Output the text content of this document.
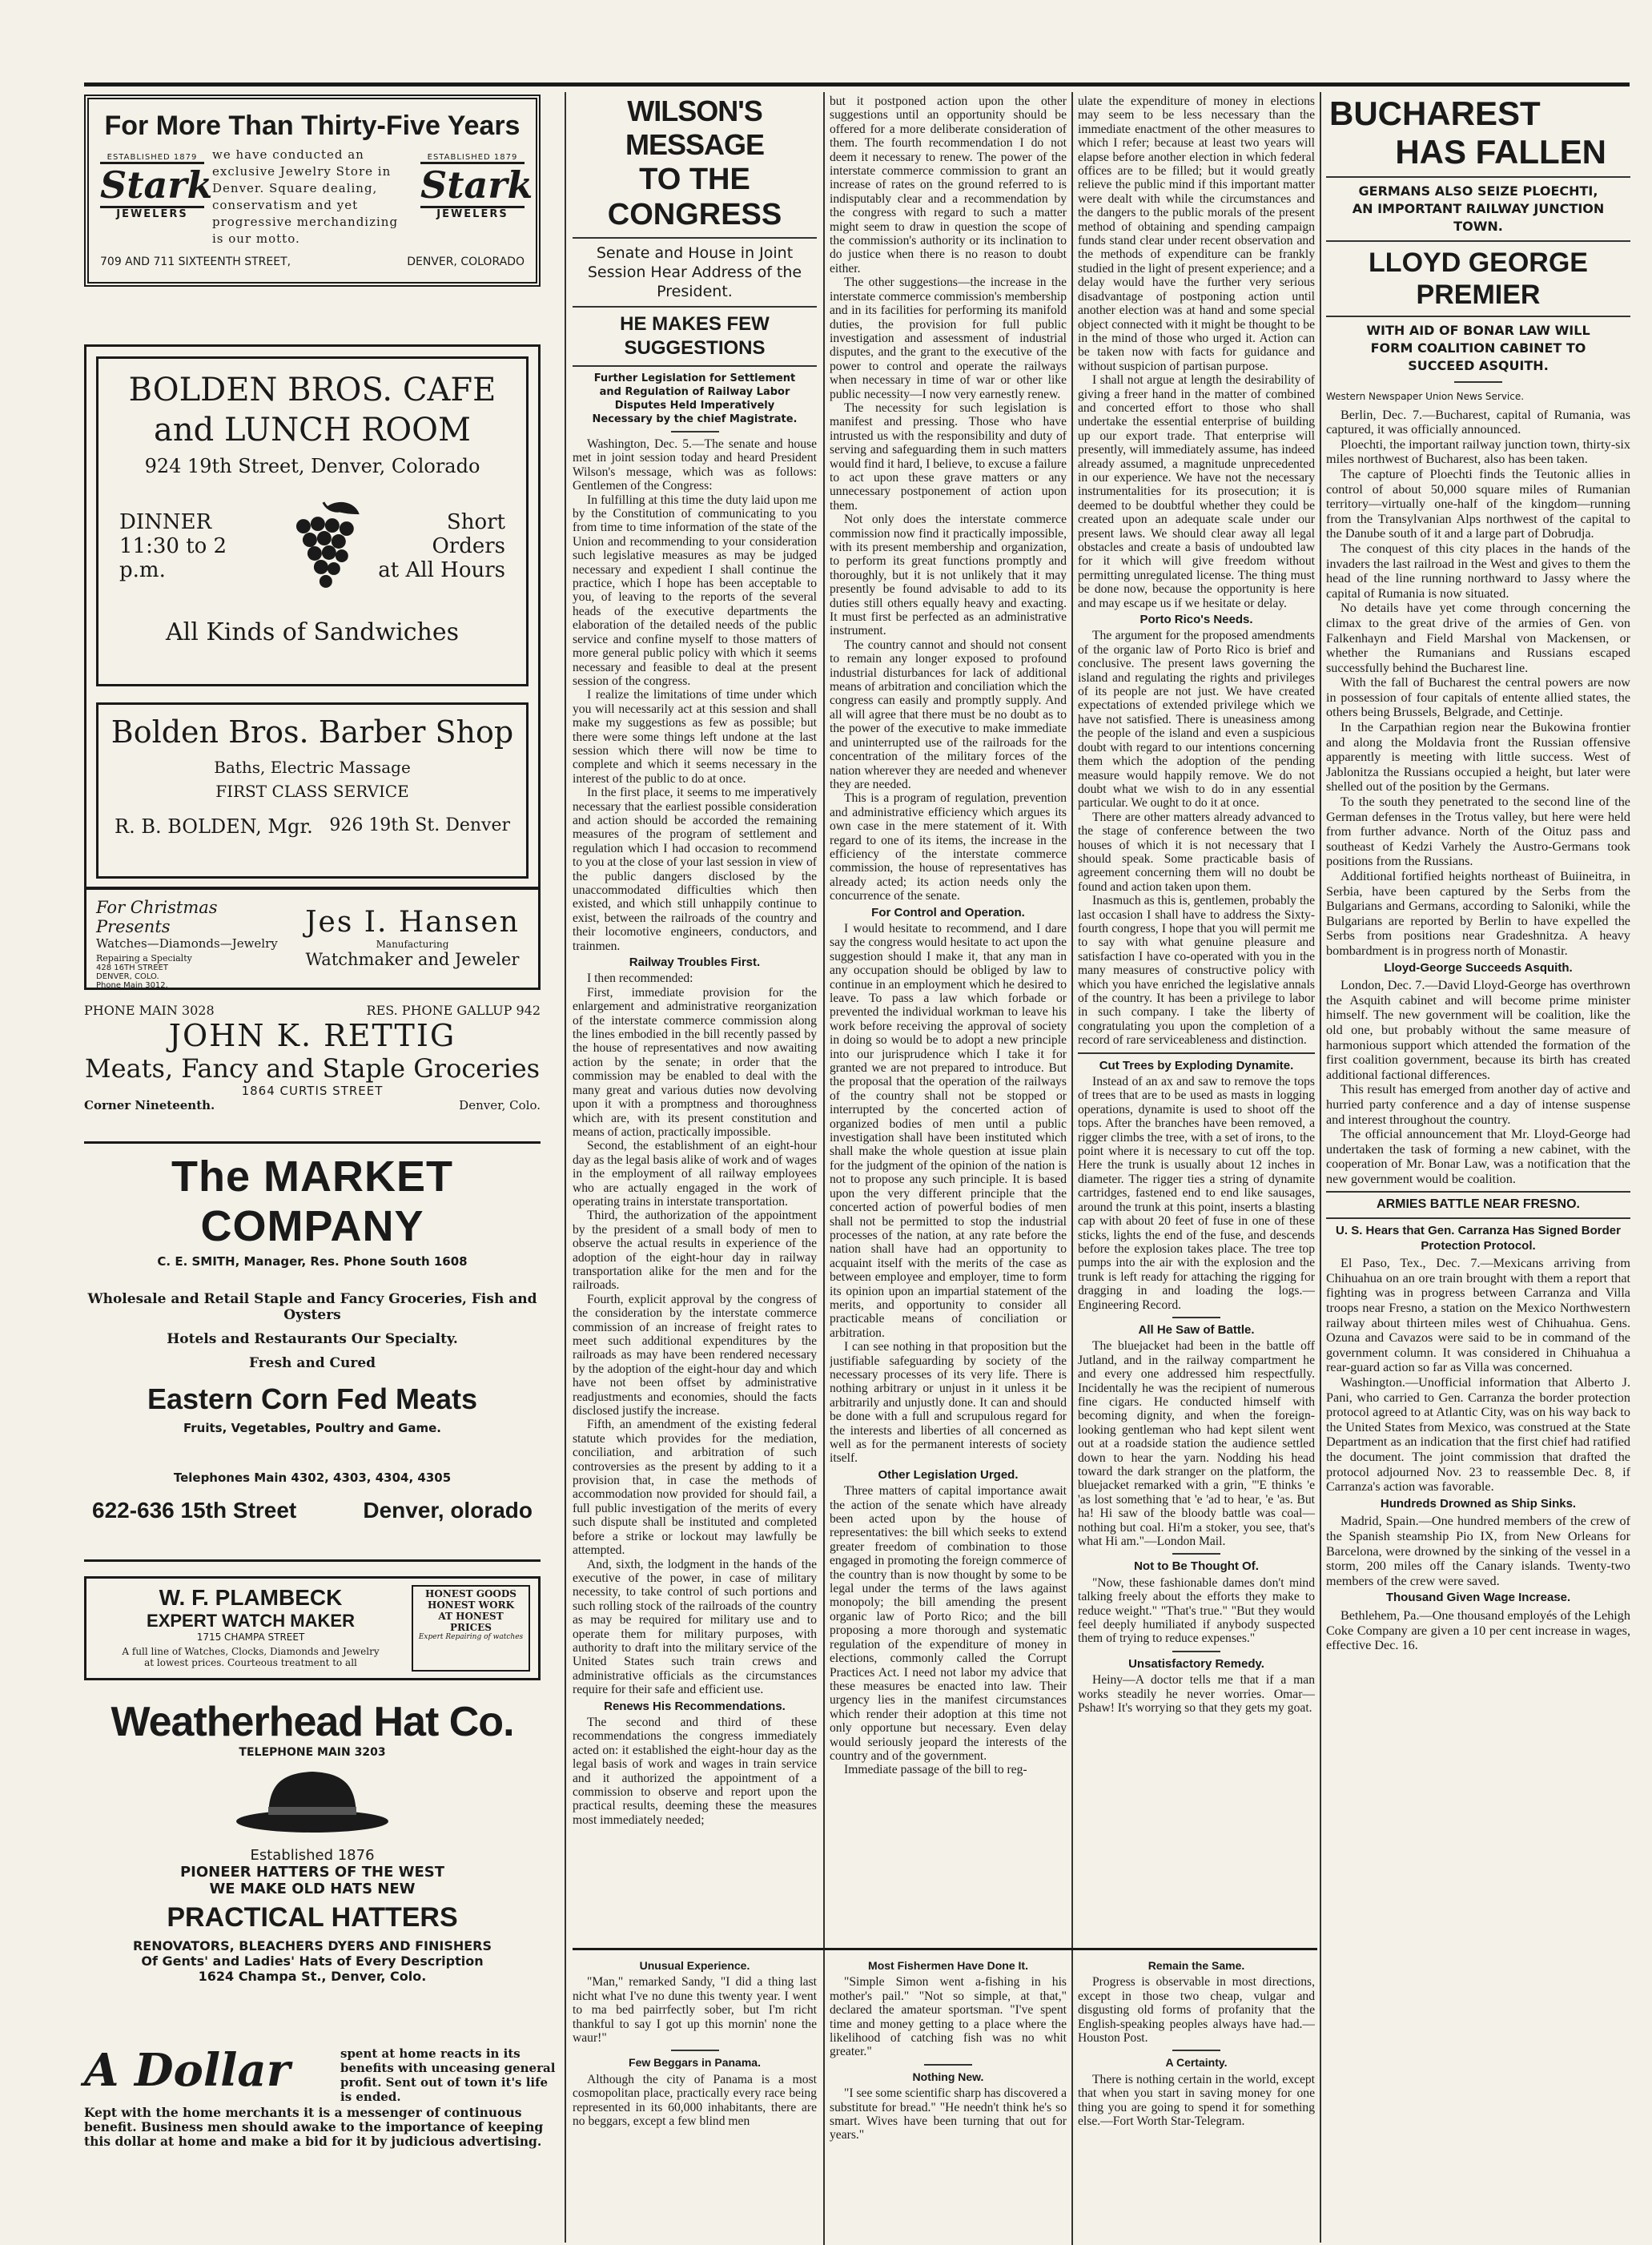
For More Than Thirty-Five Years
ESTABLISHED 1879
Stark
JEWELERS
we have conducted an exclusive Jewelry Store in Denver. Square dealing, conservatism and yet progressive merchandizing is our motto.
ESTABLISHED 1879
Stark
JEWELERS
709 AND 711 SIXTEENTH STREET,	DENVER, COLORADO
BOLDEN BROS. CAFE
and LUNCH ROOM
924 19th Street, Denver, Colorado
DINNER
11:30 to 2 p.m.
Short Orders
at All Hours
All Kinds of Sandwiches
Bolden Bros. Barber Shop
Baths, Electric Massage
FIRST CLASS SERVICE
R. B. BOLDEN, Mgr. 926 19th St. Denver
For Christmas Presents
Watches—Diamonds—Jewelry
Repairing a Specialty
428 16TH STREET
DENVER, COLO.
Phone Main 3012.
Jes I. Hansen
Manufacturing
Watchmaker and Jeweler
PHONE MAIN 3028	RES. PHONE GALLUP 942
JOHN K. RETTIG
Meats, Fancy and Staple Groceries
1864 CURTIS STREET
Corner Nineteenth.	Denver, Colo.
The MARKET COMPANY
C. E. SMITH, Manager, Res. Phone South 1608
Wholesale and Retail Staple and Fancy Groceries, Fish and Oysters
Hotels and Restaurants Our Specialty.
Fresh and Cured
Eastern Corn Fed Meats
Fruits, Vegetables, Poultry and Game.
Telephones Main 4302, 4303, 4304, 4305
622-636 15th Street	Denver, olorado
W. F. PLAMBECK
EXPERT WATCH MAKER
1715 CHAMPA STREET
A full line of Watches, Clocks, Diamonds and Jewelry
at lowest prices. Courteous treatment to all
HONEST GOODS
HONEST WORK
AT HONEST
PRICES
Expert Repairing of watches
Weatherhead Hat Co.
TELEPHONE MAIN 3203
Established 1876
PIONEER HATTERS OF THE WEST
WE MAKE OLD HATS NEW
PRACTICAL HATTERS
RENOVATORS, BLEACHERS DYERS AND FINISHERS
Of Gents' and Ladies' Hats of Every Description
1624 Champa St., Denver, Colo.
A Dollar	spent at home reacts in its benefits with unceasing general profit. Sent out of town it's life is ended.
Kept with the home merchants it is a messenger of continuous benefit. Business men should awake to the importance of keeping this dollar at home and make a bid for it by judicious advertising.
WILSON'S MESSAGE
TO THE CONGRESS
Senate and House in Joint Session Hear Address of the President.
HE MAKES FEW SUGGESTIONS
Further Legislation for Settlement and Regulation of Railway Labor Disputes Held Imperatively Necessary by the chief Magistrate.

Washington, Dec. 5.—The senate and house met in joint session today and heard President Wilson's message, which was as follows: Gentlemen of the Congress:

In fulfilling at this time the duty laid upon me by the Constitution of communicating to you from time to time information of the state of the Union and recommending to your consideration such legislative measures as may be judged necessary and expedient I shall continue the practice, which I hope has been acceptable to you, of leaving to the reports of the several heads of the executive departments the elaboration of the detailed needs of the public service and confine myself to those matters of more general public policy with which it seems necessary and feasible to deal at the present session of the congress.

I realize the limitations of time under which you will necessarily act at this session and shall make my suggestions as few as possible; but there were some things left undone at the last session which there will now be time to complete and which it seems necessary in the interest of the public to do at once.

In the first place, it seems to me imperatively necessary that the earliest possible consideration and action should be accorded the remaining measures of the program of settlement and regulation which I had occasion to recommend to you at the close of your last session in view of the public dangers disclosed by the unaccommodated difficulties which then existed, and which still unhappily continue to exist, between the railroads of the country and their locomotive engineers, conductors, and trainmen.

Railway Troubles First.

I then recommended:

First, immediate provision for the enlargement and administrative reorganization of the interstate commerce commission along the lines embodied in the bill recently passed by the house of representatives and now awaiting action by the senate; in order that the commission may be enabled to deal with the many great and various duties now devolving upon it with a promptness and thoroughness which are, with its present constitution and means of action, practically impossible.

Second, the establishment of an eight-hour day as the legal basis alike of work and of wages in the employment of all railway employees who are actually engaged in the work of operating trains in interstate transportation.

Third, the authorization of the appointment by the president of a small body of men to observe the actual results in experience of the adoption of the eight-hour day in railway transportation alike for the men and for the railroads.

Fourth, explicit approval by the congress of the consideration by the interstate commerce commission of an increase of freight rates to meet such additional expenditures by the railroads as may have been rendered necessary by the adoption of the eight-hour day and which have not been offset by administrative readjustments and economies, should the facts disclosed justify the increase.

Fifth, an amendment of the existing federal statute which provides for the mediation, conciliation, and arbitration of such controversies as the present by adding to it a provision that, in case the methods of accommodation now provided for should fail, a full public investigation of the merits of every such dispute shall be instituted and completed before a strike or lockout may lawfully be attempted.

And, sixth, the lodgment in the hands of the executive of the power, in case of military necessity, to take control of such portions and such rolling stock of the railroads of the country as may be required for military use and to operate them for military purposes, with authority to draft into the military service of the United States such train crews and administrative officials as the circumstances require for their safe and efficient use.

Renews His Recommendations.

The second and third of these recommendations the congress immediately acted on: it established the eight-hour day as the legal basis of work and wages in train service and it authorized the appointment of a commission to observe and report upon the practical results, deeming these the measures most immediately needed;

but it postponed action upon the other suggestions until an opportunity should be offered for a more deliberate consideration of them. The fourth recommendation I do not deem it necessary to renew. The power of the interstate commerce commission to grant an increase of rates on the ground referred to is indisputably clear and a recommendation by the congress with regard to such a matter might seem to draw in question the scope of the commission's authority or its inclination to do justice when there is no reason to doubt either.

The other suggestions—the increase in the interstate commerce commission's membership and in its facilities for performing its manifold duties, the provision for full public investigation and assessment of industrial disputes, and the grant to the executive of the power to control and operate the railways when necessary in time of war or other like public necessity—I now very earnestly renew.

The necessity for such legislation is manifest and pressing. Those who have intrusted us with the responsibility and duty of serving and safeguarding them in such matters would find it hard, I believe, to excuse a failure to act upon these grave matters or any unnecessary postponement of action upon them.

Not only does the interstate commerce commission now find it practically impossible, with its present membership and organization, to perform its great functions promptly and thoroughly, but it is not unlikely that it may presently be found advisable to add to its duties still others equally heavy and exacting. It must first be perfected as an administrative instrument.

The country cannot and should not consent to remain any longer exposed to profound industrial disturbances for lack of additional means of arbitration and conciliation which the congress can easily and promptly supply. And all will agree that there must be no doubt as to the power of the executive to make immediate and uninterrupted use of the railroads for the concentration of the military forces of the nation wherever they are needed and whenever they are needed.

This is a program of regulation, prevention and administrative efficiency which argues its own case in the mere statement of it. With regard to one of its items, the increase in the efficiency of the interstate commerce commission, the house of representatives has already acted; its action needs only the concurrence of the senate.

For Control and Operation.

I would hesitate to recommend, and I dare say the congress would hesitate to act upon the suggestion should I make it, that any man in any occupation should be obliged by law to continue in an employment which he desired to leave. To pass a law which forbade or prevented the individual workman to leave his work before receiving the approval of society in doing so would be to adopt a new principle into our jurisprudence which I take it for granted we are not prepared to introduce. But the proposal that the operation of the railways of the country shall not be stopped or interrupted by the concerted action of organized bodies of men until a public investigation shall have been instituted which shall make the whole question at issue plain for the judgment of the opinion of the nation is not to propose any such principle. It is based upon the very different principle that the concerted action of powerful bodies of men shall not be permitted to stop the industrial processes of the nation, at any rate before the nation shall have had an opportunity to acquaint itself with the merits of the case as between employee and employer, time to form its opinion upon an impartial statement of the merits, and opportunity to consider all practicable means of conciliation or arbitration.

I can see nothing in that proposition but the justifiable safeguarding by society of the necessary processes of its very life. There is nothing arbitrary or unjust in it unless it be arbitrarily and unjustly done. It can and should be done with a full and scrupulous regard for the interests and liberties of all concerned as well as for the permanent interests of society itself.

Other Legislation Urged.

Three matters of capital importance await the action of the senate which have already been acted upon by the house of representatives: the bill which seeks to extend greater freedom of combination to those engaged in promoting the foreign commerce of the country than is now thought by some to be legal under the terms of the laws against monopoly; the bill amending the present organic law of Porto Rico; and the bill proposing a more thorough and systematic regulation of the expenditure of money in elections, commonly called the Corrupt Practices Act. I need not labor my advice that these measures be enacted into law. Their urgency lies in the manifest circumstances which render their adoption at this time not only opportune but necessary. Even delay would seriously jeopard the interests of the country and of the government.

Immediate passage of the bill to reg-

ulate the expenditure of money in elections may seem to be less necessary than the immediate enactment of the other measures to which I refer; because at least two years will elapse before another election in which federal offices are to be filled; but it would greatly relieve the public mind if this important matter were dealt with while the circumstances and the dangers to the public morals of the present method of obtaining and spending campaign funds stand clear under recent observation and the methods of expenditure can be frankly studied in the light of present experience; and a delay would have the further very serious disadvantage of postponing action until another election was at hand and some special object connected with it might be thought to be in the mind of those who urged it. Action can be taken now with facts for guidance and without suspicion of partisan purpose.

I shall not argue at length the desirability of giving a freer hand in the matter of combined and concerted effort to those who shall undertake the essential enterprise of building up our export trade. That enterprise will presently, will immediately assume, has indeed already assumed, a magnitude unprecedented in our experience. We have not the necessary instrumentalities for its prosecution; it is deemed to be doubtful whether they could be created upon an adequate scale under our present laws. We should clear away all legal obstacles and create a basis of undoubted law for it which will give freedom without permitting unregulated license. The thing must be done now, because the opportunity is here and may escape us if we hesitate or delay.

Porto Rico's Needs.

The argument for the proposed amendments of the organic law of Porto Rico is brief and conclusive. The present laws governing the island and regulating the rights and privileges of its people are not just. We have created expectations of extended privilege which we have not satisfied. There is uneasiness among the people of the island and even a suspicious doubt with regard to our intentions concerning them which the adoption of the pending measure would happily remove. We do not doubt what we wish to do in any essential particular. We ought to do it at once.

There are other matters already advanced to the stage of conference between the two houses of which it is not necessary that I should speak. Some practicable basis of agreement concerning them will no doubt be found and action taken upon them.

Inasmuch as this is, gentlemen, probably the last occasion I shall have to address the Sixty-fourth congress, I hope that you will permit me to say with what genuine pleasure and satisfaction I have co-operated with you in the many measures of constructive policy with which you have enriched the legislative annals of the country. It has been a privilege to labor in such company. I take the liberty of congratulating you upon the completion of a record of rare serviceableness and distinction.

Cut Trees by Exploding Dynamite.

Instead of an ax and saw to remove the tops of trees that are to be used as masts in logging operations, dynamite is used to shoot off the tops. After the branches have been removed, a rigger climbs the tree, with a set of irons, to the point where it is necessary to cut off the top. Here the trunk is usually about 12 inches in diameter. The rigger ties a string of dynamite cartridges, fastened end to end like sausages, around the trunk at this point, inserts a blasting cap with about 20 feet of fuse in one of these sticks, lights the end of the fuse, and descends before the explosion takes place. The tree top pumps into the air with the explosion and the trunk is left ready for attaching the rigging for dragging in and loading the logs.—Engineering Record.

All He Saw of Battle.

The bluejacket had been in the battle off Jutland, and in the railway compartment he and every one addressed him respectfully. Incidentally he was the recipient of numerous fine cigars. He conducted himself with becoming dignity, and when the foreign-looking gentleman who had kept silent went out at a roadside station the audience settled down to hear the yarn. Nodding his head toward the dark stranger on the platform, the bluejacket remarked with a grin, "'E thinks 'e 'as lost something that 'e 'ad to hear, 'e 'as. But ha! Hi saw of the bloody battle was coal—nothing but coal. Hi'm a stoker, you see, that's what Hi am."—London Mail.

Not to Be Thought Of.

"Now, these fashionable dames don't mind talking freely about the efforts they make to reduce weight." "That's true." "But they would feel deeply humiliated if anybody suspected them of trying to reduce expenses."

Unsatisfactory Remedy.

Heiny—A doctor tells me that if a man works steadily he never worries. Omar—Pshaw! It's worrying so that they gets my goat.

BUCHAREST
HAS FALLEN
GERMANS ALSO SEIZE PLOECHTI, AN IMPORTANT RAILWAY JUNCTION TOWN.
LLOYD GEORGE PREMIER
WITH AID OF BONAR LAW WILL FORM COALITION CABINET TO SUCCEED ASQUITH.
Western Newspaper Union News Service.

Berlin, Dec. 7.—Bucharest, capital of Rumania, was captured, it was officially announced.

Ploechti, the important railway junction town, thirty-six miles northwest of Bucharest, also has been taken.

The capture of Ploechti finds the Teutonic allies in control of about 50,000 square miles of Rumanian territory—virtually one-half of the kingdom—running from the Transylvanian Alps northwest of the capital to the Danube south of it and a large part of Dobrudja.

The conquest of this city places in the hands of the invaders the last railroad in the West and gives to them the head of the line running northward to Jassy where the capital of Rumania is now situated.

No details have yet come through concerning the climax to the great drive of the armies of Gen. von Falkenhayn and Field Marshal von Mackensen, or whether the Rumanians and Russians escaped successfully behind the Bucharest line.

With the fall of Bucharest the central powers are now in possession of four capitals of entente allied states, the others being Brussels, Belgrade, and Cettinje.

In the Carpathian region near the Bukowina frontier and along the Moldavia front the Russian offensive apparently is meeting with little success. West of Jablonitza the Russians occupied a height, but later were shelled out of the position by the Germans.

To the south they penetrated to the second line of the German defenses in the Trotus valley, but here were held from further advance. North of the Oituz pass and southeast of Kedzi Varhely the Austro-Germans took positions from the Russians.

Additional fortified heights northeast of Buiineitra, in Serbia, have been captured by the Serbs from the Bulgarians and Germans, according to Saloniki, while the Bulgarians are reported by Berlin to have expelled the Serbs from positions near Gradeshnitza. A heavy bombardment is in progress north of Monastir.

Lloyd-George Succeeds Asquith.

London, Dec. 7.—David Lloyd-George has overthrown the Asquith cabinet and will become prime minister himself. The new government will be coalition, like the old one, but probably without the same measure of harmonious support which attended the formation of the first coalition government, because its birth has created additional factional differences.

This result has emerged from another day of active and hurried party conference and a day of intense suspense and interest throughout the country.

The official announcement that Mr. Lloyd-George had undertaken the task of forming a new cabinet, with the cooperation of Mr. Bonar Law, was a notification that the new government would be coalition.

ARMIES BATTLE NEAR FRESNO.
U. S. Hears that Gen. Carranza Has Signed Border Protection Protocol.

El Paso, Tex., Dec. 7.—Mexicans arriving from Chihuahua on an ore train brought with them a report that fighting was in progress between Carranza and Villa troops near Fresno, a station on the Mexico Northwestern railway about thirteen miles west of Chihuahua. Gens. Ozuna and Cavazos were said to be in command of the government column. It was considered in Chihuahua a rear-guard action so far as Villa was concerned.

Washington.—Unofficial information that Alberto J. Pani, who carried to Gen. Carranza the border protection protocol agreed to at Atlantic City, was on his way back to the United States from Mexico, was construed at the State Department as an indication that the first chief had ratified the document. The joint commission that drafted the protocol adjourned Nov. 23 to reassemble Dec. 8, if Carranza's action was favorable.

Hundreds Drowned as Ship Sinks.

Madrid, Spain.—One hundred members of the crew of the Spanish steamship Pio IX, from New Orleans for Barcelona, were drowned by the sinking of the vessel in a storm, 200 miles off the Canary islands. Twenty-two members of the crew were saved.

Thousand Given Wage Increase.

Bethlehem, Pa.—One thousand employés of the Lehigh Coke Company are given a 10 per cent increase in wages, effective Dec. 16.

Unusual Experience.

"Man," remarked Sandy, "I did a thing last nicht what I've no dune this twenty year. I went to ma bed pairrfectly sober, but I'm richt thankful to say I got up this mornin' none the waur!"

Few Beggars in Panama.

Although the city of Panama is a most cosmopolitan place, practically every race being represented in its 60,000 inhabitants, there are no beggars, except a few blind men

Most Fishermen Have Done It.

"Simple Simon went a-fishing in his mother's pail." "Not so simple, at that," declared the amateur sportsman. "I've spent time and money getting to a place where the likelihood of catching fish was no whit greater."

Nothing New.

"I see some scientific sharp has discovered a substitute for bread." "He needn't think he's so smart. Wives have been turning that out for years."

Remain the Same.

Progress is observable in most directions, except in those two cheap, vulgar and disgusting old forms of profanity that the English-speaking peoples always have had.—Houston Post.

A Certainty.

There is nothing certain in the world, except that when you start in saving money for one thing you are going to spend it for something else.—Fort Worth Star-Telegram.
